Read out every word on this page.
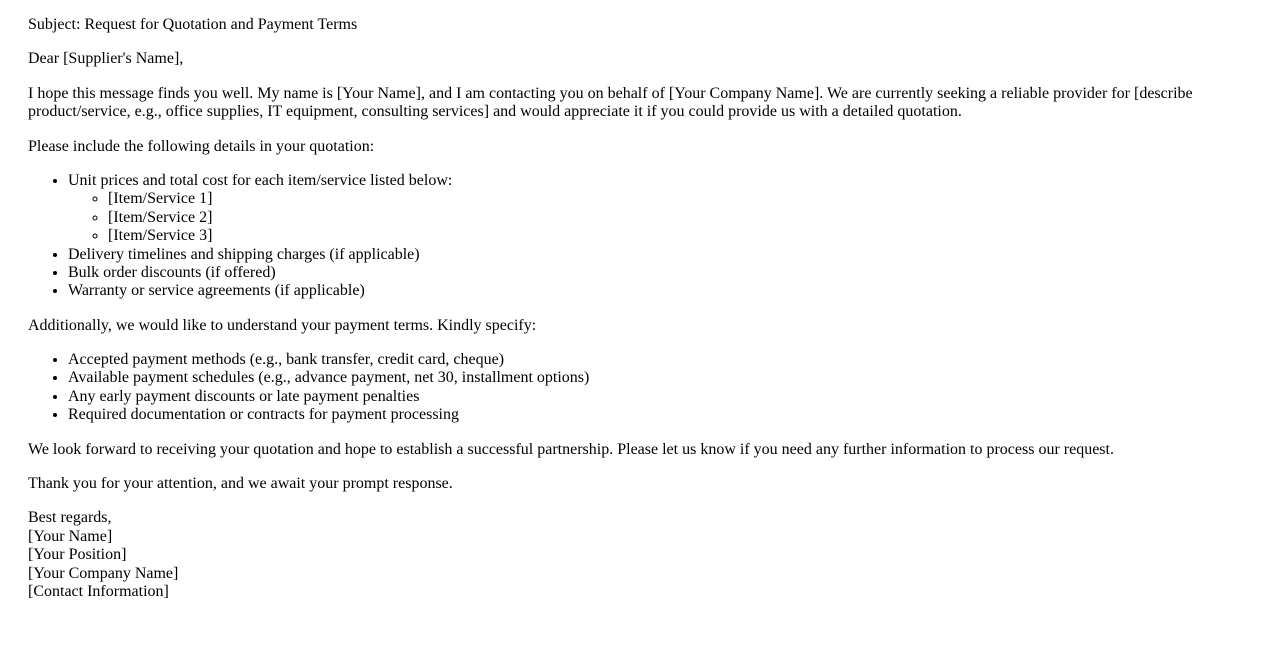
Subject: Request for Quotation and Payment Terms

Dear [Supplier's Name],

I hope this message finds you well. My name is [Your Name], and I am contacting you on behalf of [Your Company Name]. We are currently seeking a reliable provider for [describe product/service, e.g., office supplies, IT equipment, consulting services] and would appreciate it if you could provide us with a detailed quotation.

Please include the following details in your quotation:

• Unit prices and total cost for each item/service listed below:
◦ [Item/Service 1]
◦ [Item/Service 2]
◦ [Item/Service 3]
• Delivery timelines and shipping charges (if applicable)
• Bulk order discounts (if offered)
• Warranty or service agreements (if applicable)

Additionally, we would like to understand your payment terms. Kindly specify:

• Accepted payment methods (e.g., bank transfer, credit card, cheque)
• Available payment schedules (e.g., advance payment, net 30, installment options)
• Any early payment discounts or late payment penalties
• Required documentation or contracts for payment processing

We look forward to receiving your quotation and hope to establish a successful partnership. Please let us know if you need any further information to process our request.

Thank you for your attention, and we await your prompt response.

Best regards,
[Your Name]
[Your Position]
[Your Company Name]
[Contact Information]
